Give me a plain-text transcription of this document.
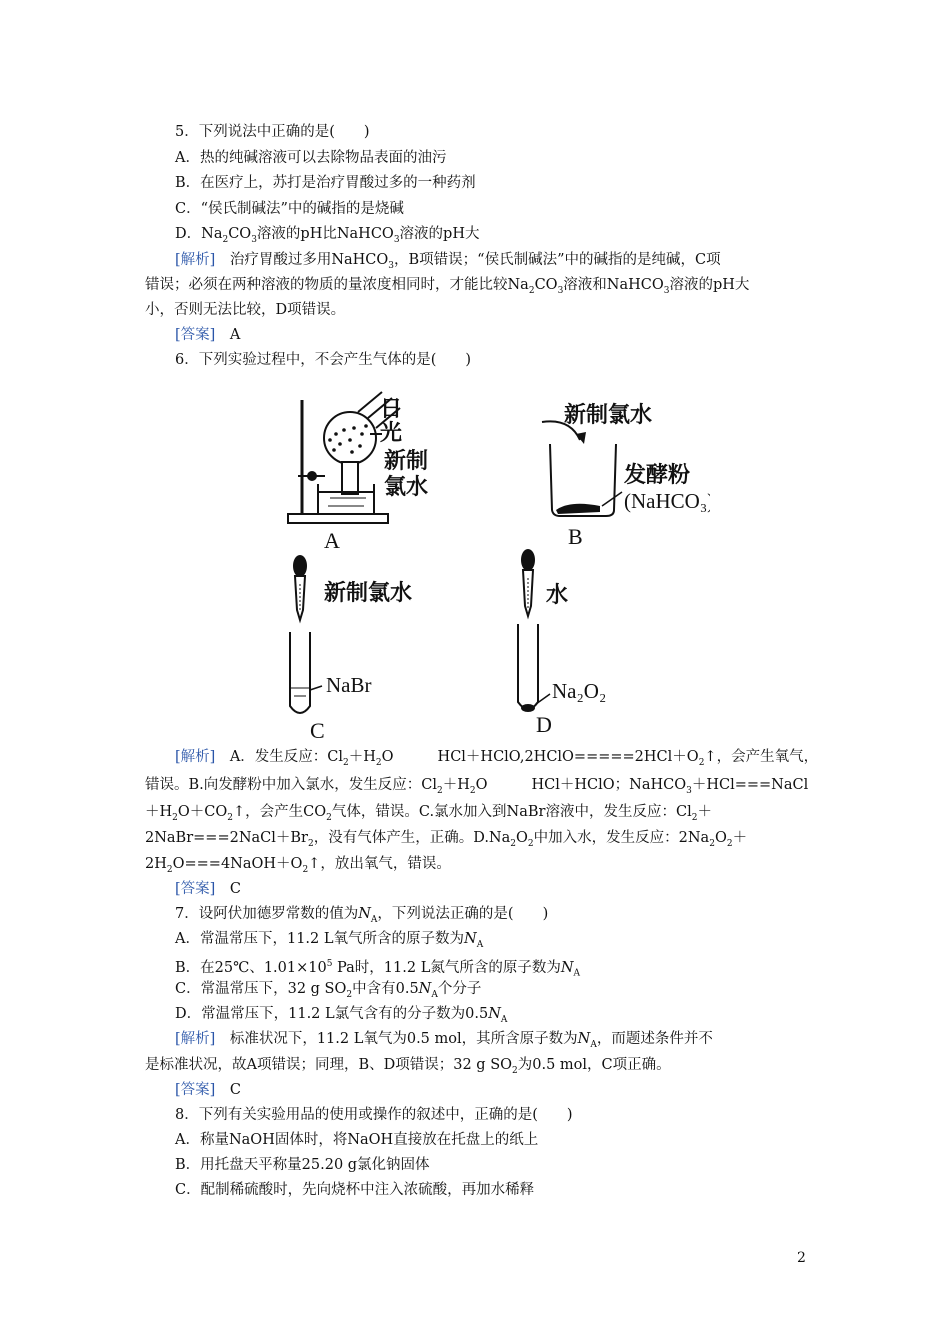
5．下列说法中正确的是(　　)
A．热的纯碱溶液可以去除物品表面的油污
B．在医疗上，苏打是治疗胃酸过多的一种药剂
C．“侯氏制碱法”中的碱指的是烧碱
D．$Na_2CO_3$溶液的pH比NaHCO$_3$溶液的pH大
[解析]　治疗胃酸过多用NaHCO$_3$，B项错误；“侯氏制碱法”中的碱指的是纯碱，C项
错误；必须在两种溶液的物质的量浓度相同时，才能比较$Na_2CO_3$溶液和NaHCO$_3$溶液的pH大
小，否则无法比较，D项错误。
[答案]　A
6．下列实验过程中，不会产生气体的是(　　)
日
光
新制
氯水
新制氯水
发酵粉
新制氯水	水
(NaHCO₃)
NaBr	Na₂O₂
A	B
C	D
[解析]　A．发生反应：$Cl_2+H_2O$	$HCl+HClO,2HClO=====2HCl+O_2↑$，会产生氧气，
错误。B.向发酵粉中加入氯水，发生反应：$Cl_2+H_2O$	HCl＋HClO；NaHCO$_3$＋HCl===NaCl
$+H_2O+CO_2↑$，会产生$CO_2$气体，错误。C.氯水加入到NaBr溶液中，发生反应：$Cl_2+$
$2NaBr===2NaCl+Br_2$，没有气体产生，正确。$D.Na_2O_2$中加入水，发生反应：$2Na_2O_2+$
$2H_2O===4NaOH+O_2↑$，放出氧气，错误。
[答案]　C
7．设阿伏加德罗常数的值为$N_A$，下列说法正确的是(　　)
A．常温常压下，11.2 L氧气所含的原子数为$N_A$
B．在25℃、$1.01\times 10^5$ Pa时，11.2 L氮气所含的原子数为$N_A$
C．常温常压下，32 g $SO_2$中含有$0.5N_A$个分子
D．常温常压下，11.2 L氯气含有的分子数为$0.5N_A$
[解析]　标准状况下，11.2 L氧气为0.5 mol，其所含原子数为$N_A$，而题述条件并不
是标准状况，故A项错误；同理，B、D项错误；32 g $SO_2$为0.5 mol，C项正确。
[答案]　C
8．下列有关实验用品的使用或操作的叙述中，正确的是(　　)
A．称量NaOH固体时，将NaOH直接放在托盘上的纸上
B．用托盘天平称量25.20 g氯化钠固体
C．配制稀硫酸时，先向烧杯中注入浓硫酸，再加水稀释
2
